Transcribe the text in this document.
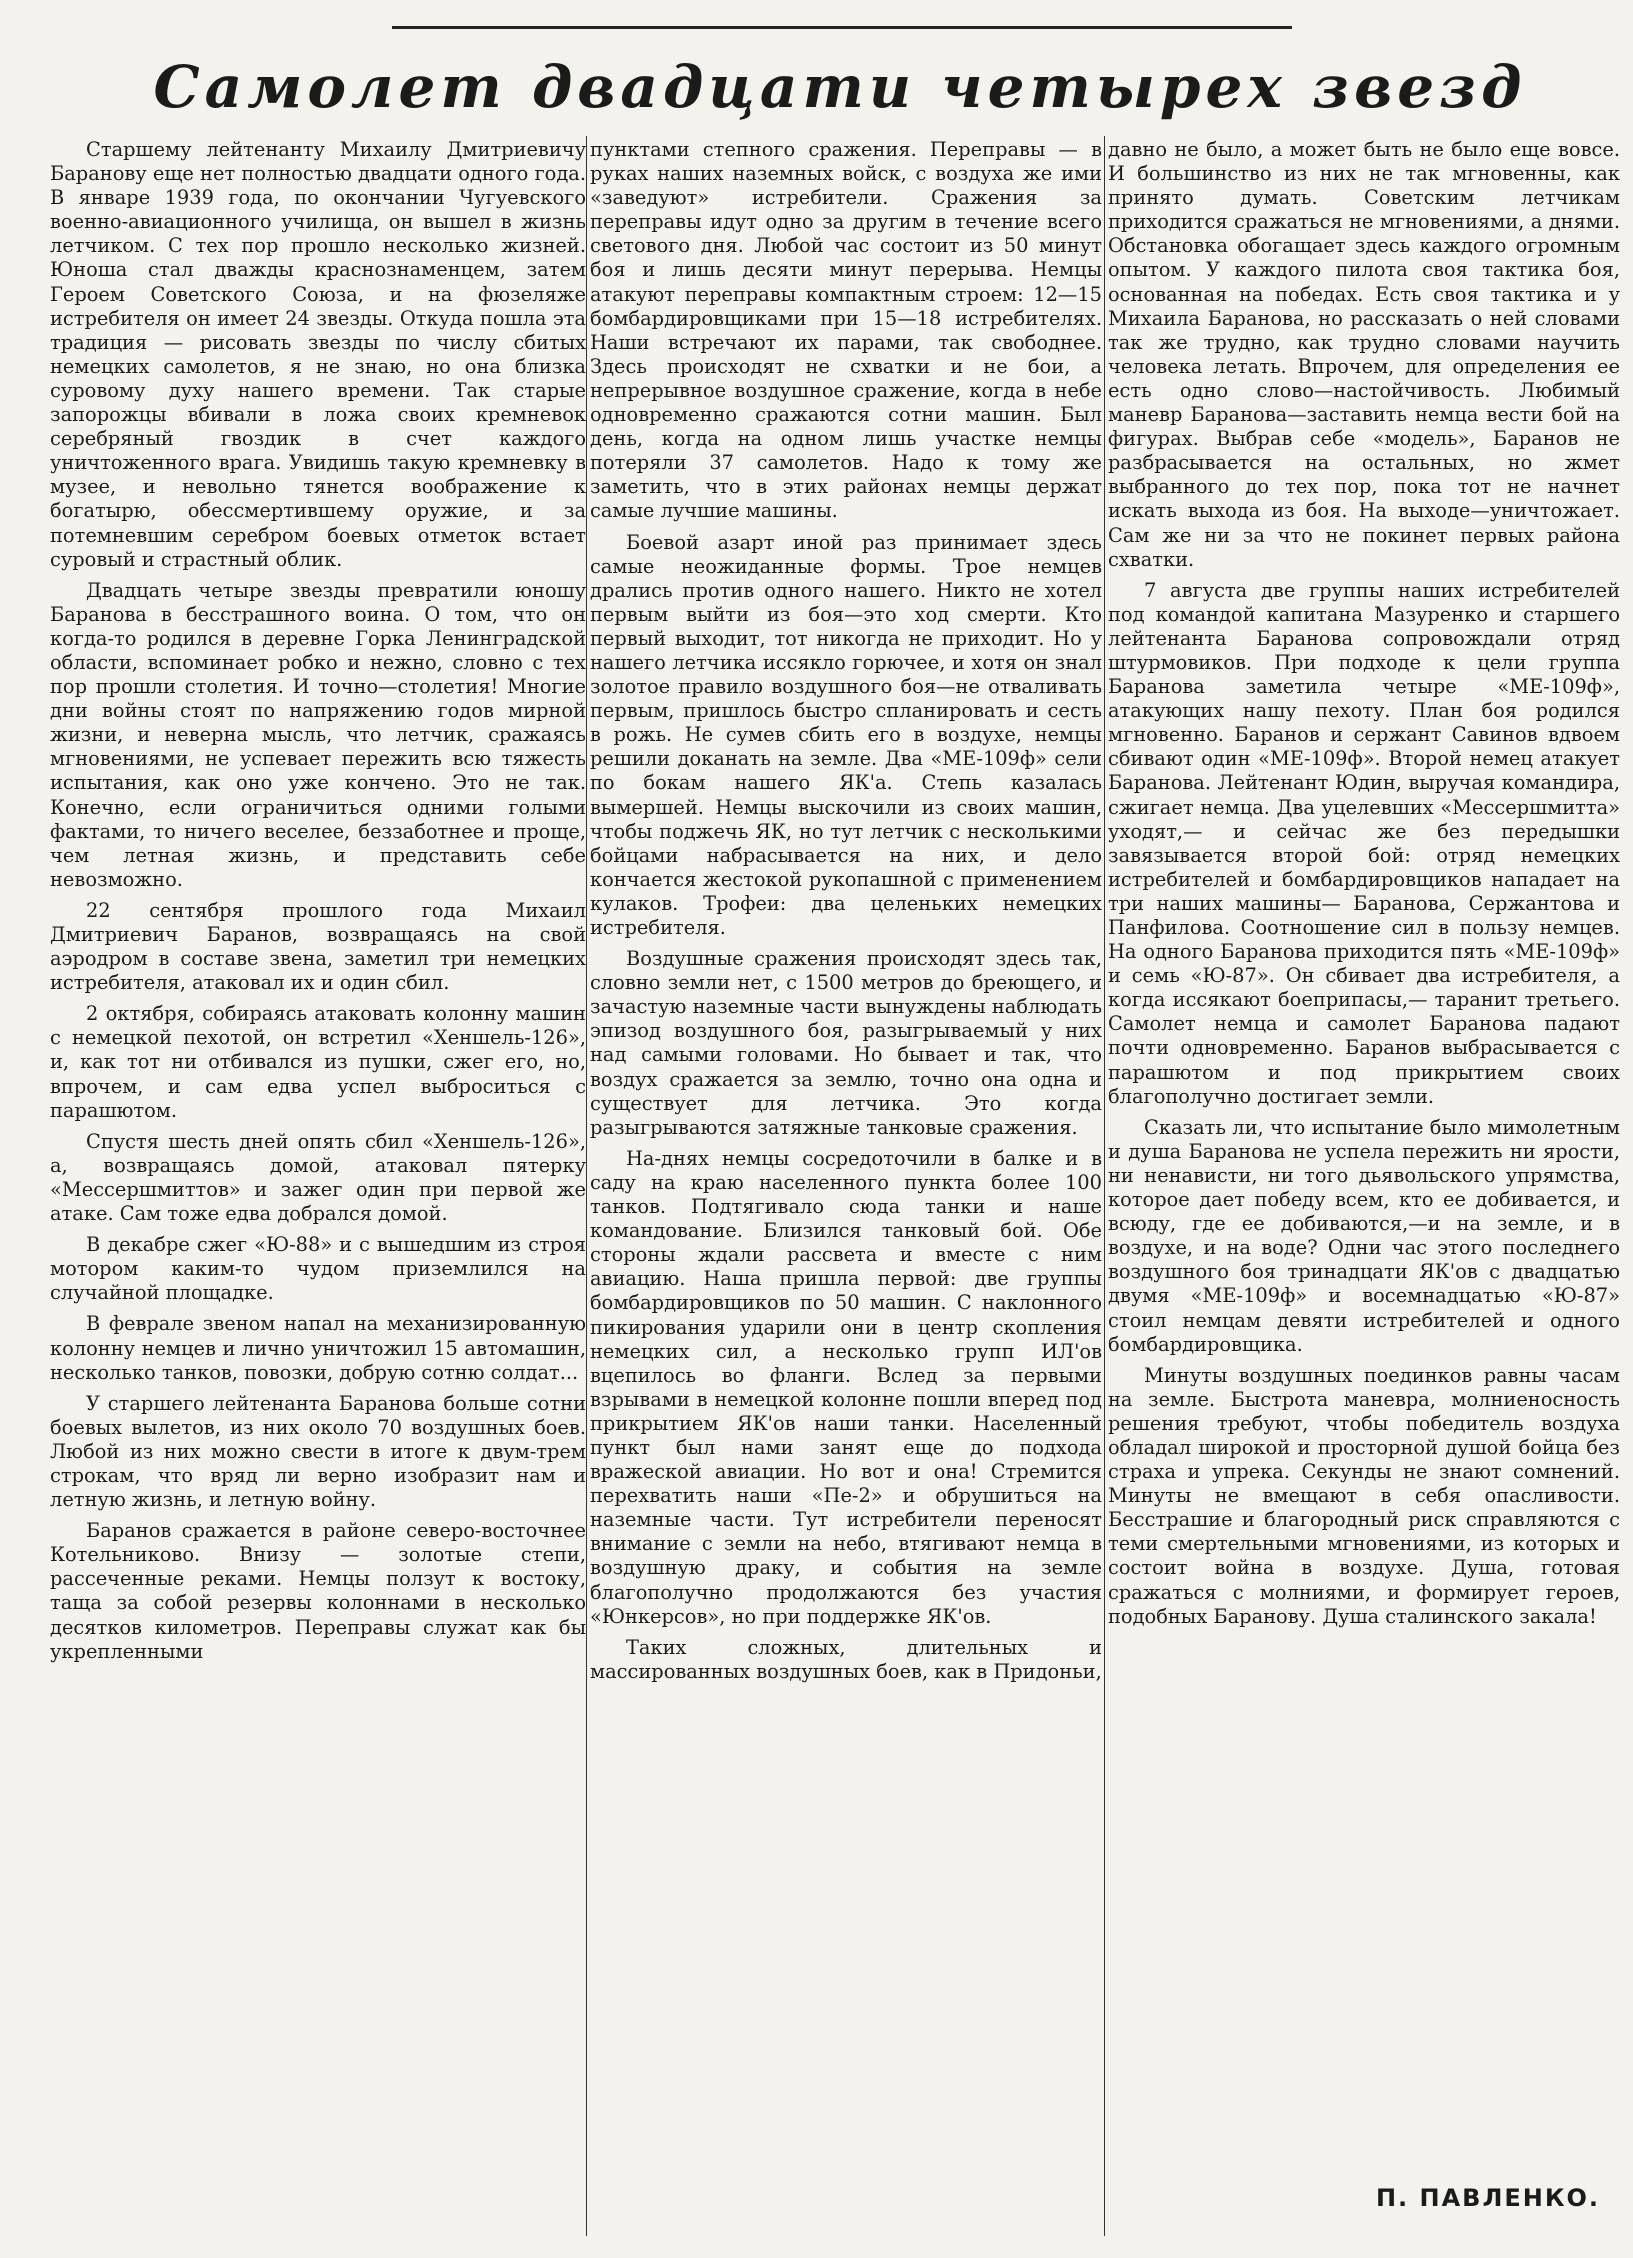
Самолет двадцати четырех звезд

Старшему лейтенанту Михаилу Дмитриевичу Баранову еще нет полностью двадцати одного года. В январе 1939 года, по окончании Чугуевского военно-авиационного училища, он вышел в жизнь летчиком. С тех пор прошло несколько жизней. Юноша стал дважды краснознаменцем, затем Героем Советского Союза, и на фюзеляже истребителя он имеет 24 звезды. Откуда пошла эта традиция — рисовать звезды по числу сбитых немецких самолетов, я не знаю, но она близка суровому духу нашего времени. Так старые запорожцы вбивали в ложа своих кремневок серебряный гвоздик в счет каждого уничтоженного врага. Увидишь такую кремневку в музее, и невольно тянется воображение к богатырю, обессмертившему оружие, и за потемневшим серебром боевых отметок встает суровый и страстный облик.

Двадцать четыре звезды превратили юношу Баранова в бесстрашного воина. О том, что он когда-то родился в деревне Горка Ленинградской области, вспоминает робко и нежно, словно с тех пор прошли столетия. И точно—столетия! Многие дни войны стоят по напряжению годов мирной жизни, и неверна мысль, что летчик, сражаясь мгновениями, не успевает пережить всю тяжесть испытания, как оно уже кончено. Это не так. Конечно, если ограничиться одними голыми фактами, то ничего веселее, беззаботнее и проще, чем летная жизнь, и представить себе невозможно.

22 сентября прошлого года Михаил Дмитриевич Баранов, возвращаясь на свой аэродром в составе звена, заметил три немецких истребителя, атаковал их и один сбил.

2 октября, собираясь атаковать колонну машин с немецкой пехотой, он встретил «Хеншель-126», и, как тот ни отбивался из пушки, сжег его, но, впрочем, и сам едва успел выброситься с парашютом.

Спустя шесть дней опять сбил «Хеншель-126», а, возвращаясь домой, атаковал пятерку «Мессершмиттов» и зажег один при первой же атаке. Сам тоже едва добрался домой.

В декабре сжег «Ю-88» и с вышедшим из строя мотором каким-то чудом приземлился на случайной площадке.

В феврале звеном напал на механизированную колонну немцев и лично уничтожил 15 автомашин, несколько танков, повозки, добрую сотню солдат...

У старшего лейтенанта Баранова больше сотни боевых вылетов, из них около 70 воздушных боев. Любой из них можно свести в итоге к двум-трем строкам, что вряд ли верно изобразит нам и летную жизнь, и летную войну.

Баранов сражается в районе северо-восточнее Котельниково. Внизу — золотые степи, рассеченные реками. Немцы ползут к востоку, таща за собой резервы колоннами в несколько десятков километров. Переправы служат как бы укрепленными

пунктами степного сражения. Переправы — в руках наших наземных войск, с воздуха же ими «заведуют» истребители. Сражения за переправы идут одно за другим в течение всего светового дня. Любой час состоит из 50 минут боя и лишь десяти минут перерыва. Немцы атакуют переправы компактным строем: 12—15 бомбардировщиками при 15—18 истребителях. Наши встречают их парами, так свободнее. Здесь происходят не схватки и не бои, а непрерывное воздушное сражение, когда в небе одновременно сражаются сотни машин. Был день, когда на одном лишь участке немцы потеряли 37 самолетов. Надо к тому же заметить, что в этих районах немцы держат самые лучшие машины.

Боевой азарт иной раз принимает здесь самые неожиданные формы. Трое немцев дрались против одного нашего. Никто не хотел первым выйти из боя—это ход смерти. Кто первый выходит, тот никогда не приходит. Но у нашего летчика иссякло горючее, и хотя он знал золотое правило воздушного боя—не отваливать первым, пришлось быстро спланировать и сесть в рожь. Не сумев сбить его в воздухе, немцы решили доканать на земле. Два «МЕ-109ф» сели по бокам нашего ЯК'а. Степь казалась вымершей. Немцы выскочили из своих машин, чтобы поджечь ЯК, но тут летчик с несколькими бойцами набрасывается на них, и дело кончается жестокой рукопашной с применением кулаков. Трофеи: два целеньких немецких истребителя.

Воздушные сражения происходят здесь так, словно земли нет, с 1500 метров до бреющего, и зачастую наземные части вынуждены наблюдать эпизод воздушного боя, разыгрываемый у них над самыми головами. Но бывает и так, что воздух сражается за землю, точно она одна и существует для летчика. Это когда разыгрываются затяжные танковые сражения.

На-днях немцы сосредоточили в балке и в саду на краю населенного пункта более 100 танков. Подтягивало сюда танки и наше командование. Близился танковый бой. Обе стороны ждали рассвета и вместе с ним авиацию. Наша пришла первой: две группы бомбардировщиков по 50 машин. С наклонного пикирования ударили они в центр скопления немецких сил, а несколько групп ИЛ'ов вцепилось во фланги. Вслед за первыми взрывами в немецкой колонне пошли вперед под прикрытием ЯК'ов наши танки. Населенный пункт был нами занят еще до подхода вражеской авиации. Но вот и она! Стремится перехватить наши «Пе-2» и обрушиться на наземные части. Тут истребители переносят внимание с земли на небо, втягивают немца в воздушную драку, и события на земле благополучно продолжаются без участия «Юнкерсов», но при поддержке ЯК'ов.

Таких сложных, длительных и массированных воздушных боев, как в Придоньи,

давно не было, а может быть не было еще вовсе. И большинство из них не так мгновенны, как принято думать. Советским летчикам приходится сражаться не мгновениями, а днями. Обстановка обогащает здесь каждого огромным опытом. У каждого пилота своя тактика боя, основанная на победах. Есть своя тактика и у Михаила Баранова, но рассказать о ней словами так же трудно, как трудно словами научить человека летать. Впрочем, для определения ее есть одно слово—настойчивость. Любимый маневр Баранова—заставить немца вести бой на фигурах. Выбрав себе «модель», Баранов не разбрасывается на остальных, но жмет выбранного до тех пор, пока тот не начнет искать выхода из боя. На выходе—уничтожает. Сам же ни за что не покинет первых района схватки.

7 августа две группы наших истребителей под командой капитана Мазуренко и старшего лейтенанта Баранова сопровождали отряд штурмовиков. При подходе к цели группа Баранова заметила четыре «МЕ-109ф», атакующих нашу пехоту. План боя родился мгновенно. Баранов и сержант Савинов вдвоем сбивают один «МЕ-109ф». Второй немец атакует Баранова. Лейтенант Юдин, выручая командира, сжигает немца. Два уцелевших «Мессершмитта» уходят,— и сейчас же без передышки завязывается второй бой: отряд немецких истребителей и бомбардировщиков нападает на три наших машины— Баранова, Сержантова и Панфилова. Соотношение сил в пользу немцев. На одного Баранова приходится пять «МЕ-109ф» и семь «Ю-87». Он сбивает два истребителя, а когда иссякают боеприпасы,— таранит третьего. Самолет немца и самолет Баранова падают почти одновременно. Баранов выбрасывается с парашютом и под прикрытием своих благополучно достигает земли.

Сказать ли, что испытание было мимолетным и душа Баранова не успела пережить ни ярости, ни ненависти, ни того дьявольского упрямства, которое дает победу всем, кто ее добивается, и всюду, где ее добиваются,—и на земле, и в воздухе, и на воде? Одни час этого последнего воздушного боя тринадцати ЯК'ов с двадцатью двумя «МЕ-109ф» и восемнадцатью «Ю-87» стоил немцам девяти истребителей и одного бомбардировщика.

Минуты воздушных поединков равны часам на земле. Быстрота маневра, молниеносность решения требуют, чтобы победитель воздуха обладал широкой и просторной душой бойца без страха и упрека. Секунды не знают сомнений. Минуты не вмещают в себя опасливости. Бесстрашие и благородный риск справляются с теми смертельными мгновениями, из которых и состоит война в воздухе. Душа, готовая сражаться с молниями, и формирует героев, подобных Баранову. Душа сталинского закала!

П. ПАВЛЕНКО.
